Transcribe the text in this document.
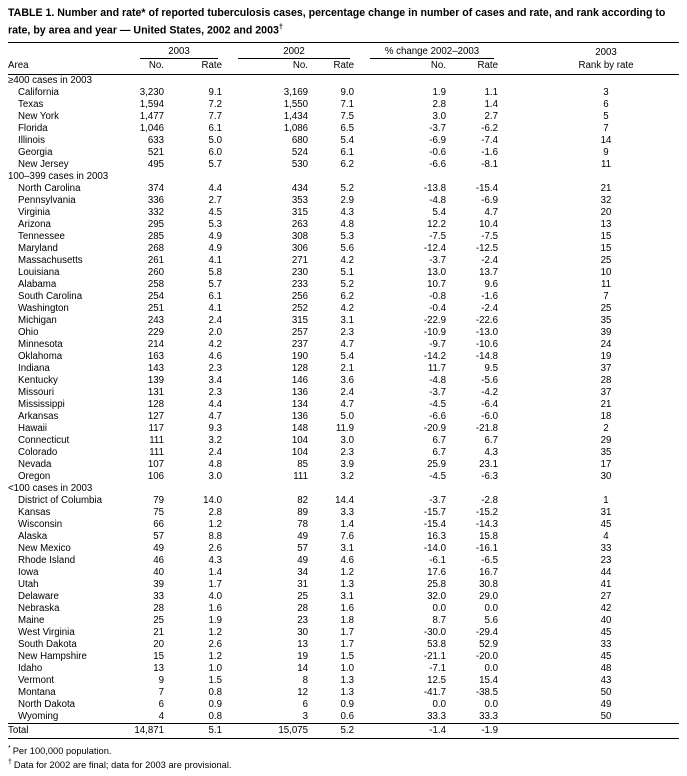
TABLE 1. Number and rate* of reported tuberculosis cases, percentage change in number of cases and rate, and rank according to rate, by area and year — United States, 2002 and 2003†
Area	2003		2002		% change 2002–2003		2003
	No.	Rate	No.	Rate	No.	Rate	Rank by rate
≥400 cases in 2003							
California	3,230	9.1	3,169	9.0	1.9	1.1	3
Texas	1,594	7.2	1,550	7.1	2.8	1.4	6
New York	1,477	7.7	1,434	7.5	3.0	2.7	5
Florida	1,046	6.1	1,086	6.5	-3.7	-6.2	7
Illinois	633	5.0	680	5.4	-6.9	-7.4	14
Georgia	521	6.0	524	6.1	-0.6	-1.6	9
New Jersey	495	5.7	530	6.2	-6.6	-8.1	11
100–399 cases in 2003							
North Carolina	374	4.4	434	5.2	-13.8	-15.4	21
Pennsylvania	336	2.7	353	2.9	-4.8	-6.9	32
Virginia	332	4.5	315	4.3	5.4	4.7	20
Arizona	295	5.3	263	4.8	12.2	10.4	13
Tennessee	285	4.9	308	5.3	-7.5	-7.5	15
Maryland	268	4.9	306	5.6	-12.4	-12.5	15
Massachusetts	261	4.1	271	4.2	-3.7	-2.4	25
Louisiana	260	5.8	230	5.1	13.0	13.7	10
Alabama	258	5.7	233	5.2	10.7	9.6	11
South Carolina	254	6.1	256	6.2	-0.8	-1.6	7
Washington	251	4.1	252	4.2	-0.4	-2.4	25
Michigan	243	2.4	315	3.1	-22.9	-22.6	35
Ohio	229	2.0	257	2.3	-10.9	-13.0	39
Minnesota	214	4.2	237	4.7	-9.7	-10.6	24
Oklahoma	163	4.6	190	5.4	-14.2	-14.8	19
Indiana	143	2.3	128	2.1	11.7	9.5	37
Kentucky	139	3.4	146	3.6	-4.8	-5.6	28
Missouri	131	2.3	136	2.4	-3.7	-4.2	37
Mississippi	128	4.4	134	4.7	-4.5	-6.4	21
Arkansas	127	4.7	136	5.0	-6.6	-6.0	18
Hawaii	117	9.3	148	11.9	-20.9	-21.8	2
Connecticut	111	3.2	104	3.0	6.7	6.7	29
Colorado	111	2.4	104	2.3	6.7	4.3	35
Nevada	107	4.8	85	3.9	25.9	23.1	17
Oregon	106	3.0	111	3.2	-4.5	-6.3	30
<100 cases in 2003							
District of Columbia	79	14.0	82	14.4	-3.7	-2.8	1
Kansas	75	2.8	89	3.3	-15.7	-15.2	31
Wisconsin	66	1.2	78	1.4	-15.4	-14.3	45
Alaska	57	8.8	49	7.6	16.3	15.8	4
New Mexico	49	2.6	57	3.1	-14.0	-16.1	33
Rhode Island	46	4.3	49	4.6	-6.1	-6.5	23
Iowa	40	1.4	34	1.2	17.6	16.7	44
Utah	39	1.7	31	1.3	25.8	30.8	41
Delaware	33	4.0	25	3.1	32.0	29.0	27
Nebraska	28	1.6	28	1.6	0.0	0.0	42
Maine	25	1.9	23	1.8	8.7	5.6	40
West Virginia	21	1.2	30	1.7	-30.0	-29.4	45
South Dakota	20	2.6	13	1.7	53.8	52.9	33
New Hampshire	15	1.2	19	1.5	-21.1	-20.0	45
Idaho	13	1.0	14	1.0	-7.1	0.0	48
Vermont	9	1.5	8	1.3	12.5	15.4	43
Montana	7	0.8	12	1.3	-41.7	-38.5	50
North Dakota	6	0.9	6	0.9	0.0	0.0	49
Wyoming	4	0.8	3	0.6	33.3	33.3	50
Total	14,871	5.1	15,075	5.2	-1.4	-1.9	
* Per 100,000 population.
† Data for 2002 are final; data for 2003 are provisional.
